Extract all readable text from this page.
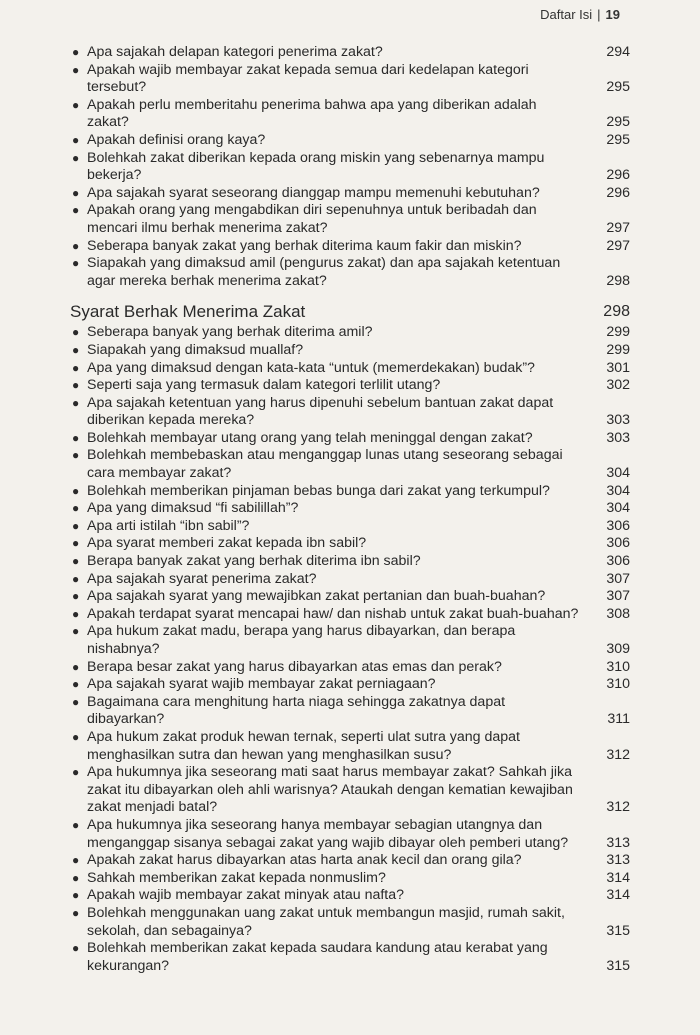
Daftar Isi | 19
● Apa sajakah delapan kategori penerima zakat?	294
● Apakah wajib membayar zakat kepada semua dari kedelapan kategori tersebut?	295
● Apakah perlu memberitahu penerima bahwa apa yang diberikan adalah zakat?	295
● Apakah definisi orang kaya?	295
● Bolehkah zakat diberikan kepada orang miskin yang sebenarnya mampu bekerja?	296
● Apa sajakah syarat seseorang dianggap mampu memenuhi kebutuhan?	296
● Apakah orang yang mengabdikan diri sepenuhnya untuk beribadah dan mencari ilmu berhak menerima zakat?	297
● Seberapa banyak zakat yang berhak diterima kaum fakir dan miskin?	297
● Siapakah yang dimaksud amil (pengurus zakat) dan apa sajakah ketentuan agar mereka berhak menerima zakat?	298
Syarat Berhak Menerima Zakat	298
● Seberapa banyak yang berhak diterima amil?	299
● Siapakah yang dimaksud muallaf?	299
● Apa yang dimaksud dengan kata-kata “untuk (memerdekakan) budak”?	301
● Seperti saja yang termasuk dalam kategori terlilit utang?	302
● Apa sajakah ketentuan yang harus dipenuhi sebelum bantuan zakat dapat diberikan kepada mereka?	303
● Bolehkah membayar utang orang yang telah meninggal dengan zakat?	303
● Bolehkah membebaskan atau menganggap lunas utang seseorang sebagai cara membayar zakat?	304
● Bolehkah memberikan pinjaman bebas bunga dari zakat yang terkumpul?	304
● Apa yang dimaksud “fi sabilillah”?	304
● Apa arti istilah “ibn sabil”?	306
● Apa syarat memberi zakat kepada ibn sabil?	306
● Berapa banyak zakat yang berhak diterima ibn sabil?	306
● Apa sajakah syarat penerima zakat?	307
● Apa sajakah syarat yang mewajibkan zakat pertanian dan buah-buahan?	307
● Apakah terdapat syarat mencapai haw/ dan nishab untuk zakat buah-buahan?	308
● Apa hukum zakat madu, berapa yang harus dibayarkan, dan berapa nishabnya?	309
● Berapa besar zakat yang harus dibayarkan atas emas dan perak?	310
● Apa sajakah syarat wajib membayar zakat perniagaan?	310
● Bagaimana cara menghitung harta niaga sehingga zakatnya dapat dibayarkan?	311
● Apa hukum zakat produk hewan ternak, seperti ulat sutra yang dapat menghasilkan sutra dan hewan yang menghasilkan susu?	312
● Apa hukumnya jika seseorang mati saat harus membayar zakat? Sahkah jika zakat itu dibayarkan oleh ahli warisnya? Ataukah dengan kematian kewajiban zakat menjadi batal?	312
● Apa hukumnya jika seseorang hanya membayar sebagian utangnya dan menganggap sisanya sebagai zakat yang wajib dibayar oleh pemberi utang?	313
● Apakah zakat harus dibayarkan atas harta anak kecil dan orang gila?	313
● Sahkah memberikan zakat kepada nonmuslim?	314
● Apakah wajib membayar zakat minyak atau nafta?	314
● Bolehkah menggunakan uang zakat untuk membangun masjid, rumah sakit, sekolah, dan sebagainya?	315
● Bolehkah memberikan zakat kepada saudara kandung atau kerabat yang kekurangan?	315
